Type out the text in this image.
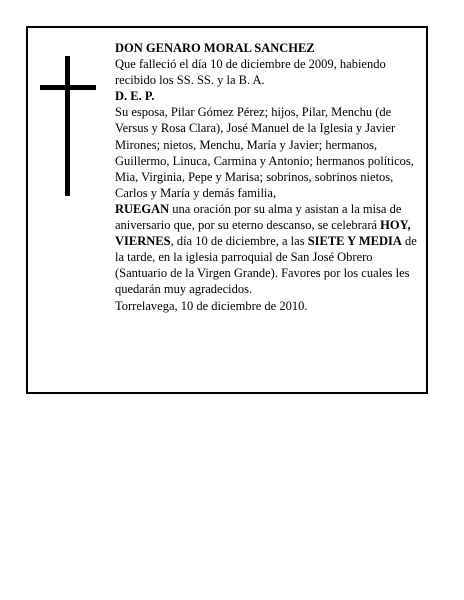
DON GENARO MORAL SANCHEZ

Que falleció el día 10 de diciembre de 2009, habiendo recibido los SS. SS. y la B. A.

D. E. P.

Su esposa, Pilar Gómez Pérez; hijos, Pilar, Menchu (de Versus y Rosa Clara), José Manuel de la Iglesia y Javier Mirones; nietos, Menchu, María y Javier; hermanos, Guillermo, Linuca, Carmina y Antonio; hermanos políticos, Mia, Virginia, Pepe y Marisa; sobrinos, sobrinos nietos, Carlos y María y demás familia,

RUEGAN una oración por su alma y asistan a la misa de aniversario que, por su eterno descanso, se celebrará HOY, VIERNES, día 10 de diciembre, a las SIETE Y MEDIA de la tarde, en la iglesia parroquial de San José Obrero (Santuario de la Virgen Grande). Favores por los cuales les quedarán muy agradecidos.

Torrelavega, 10 de diciembre de 2010.
